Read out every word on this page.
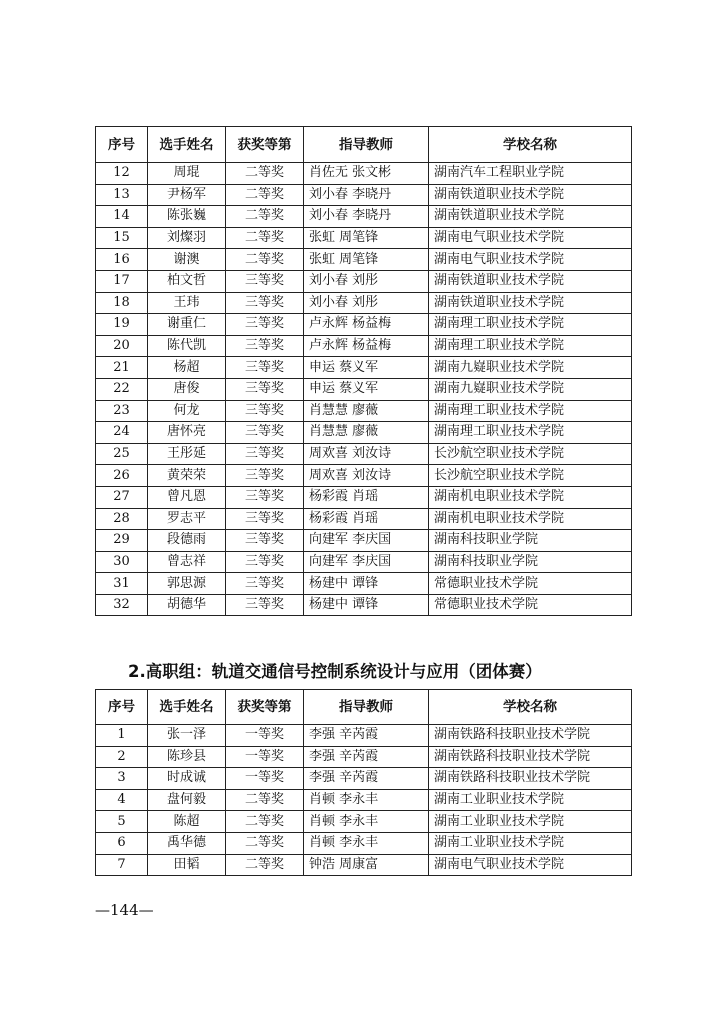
序号	选手姓名	获奖等第	指导教师	学校名称
12	周琨	二等奖	肖佐无 张文彬	湖南汽车工程职业学院
13	尹杨军	二等奖	刘小春 李晓丹	湖南铁道职业技术学院
14	陈张巍	二等奖	刘小春 李晓丹	湖南铁道职业技术学院
15	刘燦羽	二等奖	张虹 周笔锋	湖南电气职业技术学院
16	谢澳	二等奖	张虹 周笔锋	湖南电气职业技术学院
17	柏文哲	三等奖	刘小春 刘彤	湖南铁道职业技术学院
18	王玮	三等奖	刘小春 刘彤	湖南铁道职业技术学院
19	谢重仁	三等奖	卢永辉 杨益梅	湖南理工职业技术学院
20	陈代凯	三等奖	卢永辉 杨益梅	湖南理工职业技术学院
21	杨超	三等奖	申运 蔡义军	湖南九嶷职业技术学院
22	唐俊	三等奖	申运 蔡义军	湖南九嶷职业技术学院
23	何龙	三等奖	肖慧慧 廖薇	湖南理工职业技术学院
24	唐怀亮	三等奖	肖慧慧 廖薇	湖南理工职业技术学院
25	王彤延	三等奖	周欢喜 刘汝诗	长沙航空职业技术学院
26	黄荣荣	三等奖	周欢喜 刘汝诗	长沙航空职业技术学院
27	曾凡恩	三等奖	杨彩霞 肖瑶	湖南机电职业技术学院
28	罗志平	三等奖	杨彩霞 肖瑶	湖南机电职业技术学院
29	段德雨	三等奖	向建军 李庆国	湖南科技职业学院
30	曾志祥	三等奖	向建军 李庆国	湖南科技职业学院
31	郭思源	三等奖	杨建中 谭锋	常德职业技术学院
32	胡德华	三等奖	杨建中 谭锋	常德职业技术学院
2.高职组：轨道交通信号控制系统设计与应用（团体赛）
序号	选手姓名	获奖等第	指导教师	学校名称
1	张一泽	一等奖	李强 辛芮霞	湖南铁路科技职业技术学院
2	陈珍县	一等奖	李强 辛芮霞	湖南铁路科技职业技术学院
3	时成诚	一等奖	李强 辛芮霞	湖南铁路科技职业技术学院
4	盘何毅	二等奖	肖顿 李永丰	湖南工业职业技术学院
5	陈超	二等奖	肖顿 李永丰	湖南工业职业技术学院
6	禹华德	二等奖	肖顿 李永丰	湖南工业职业技术学院
7	田韬	二等奖	钟浩 周康富	湖南电气职业技术学院

—144—
